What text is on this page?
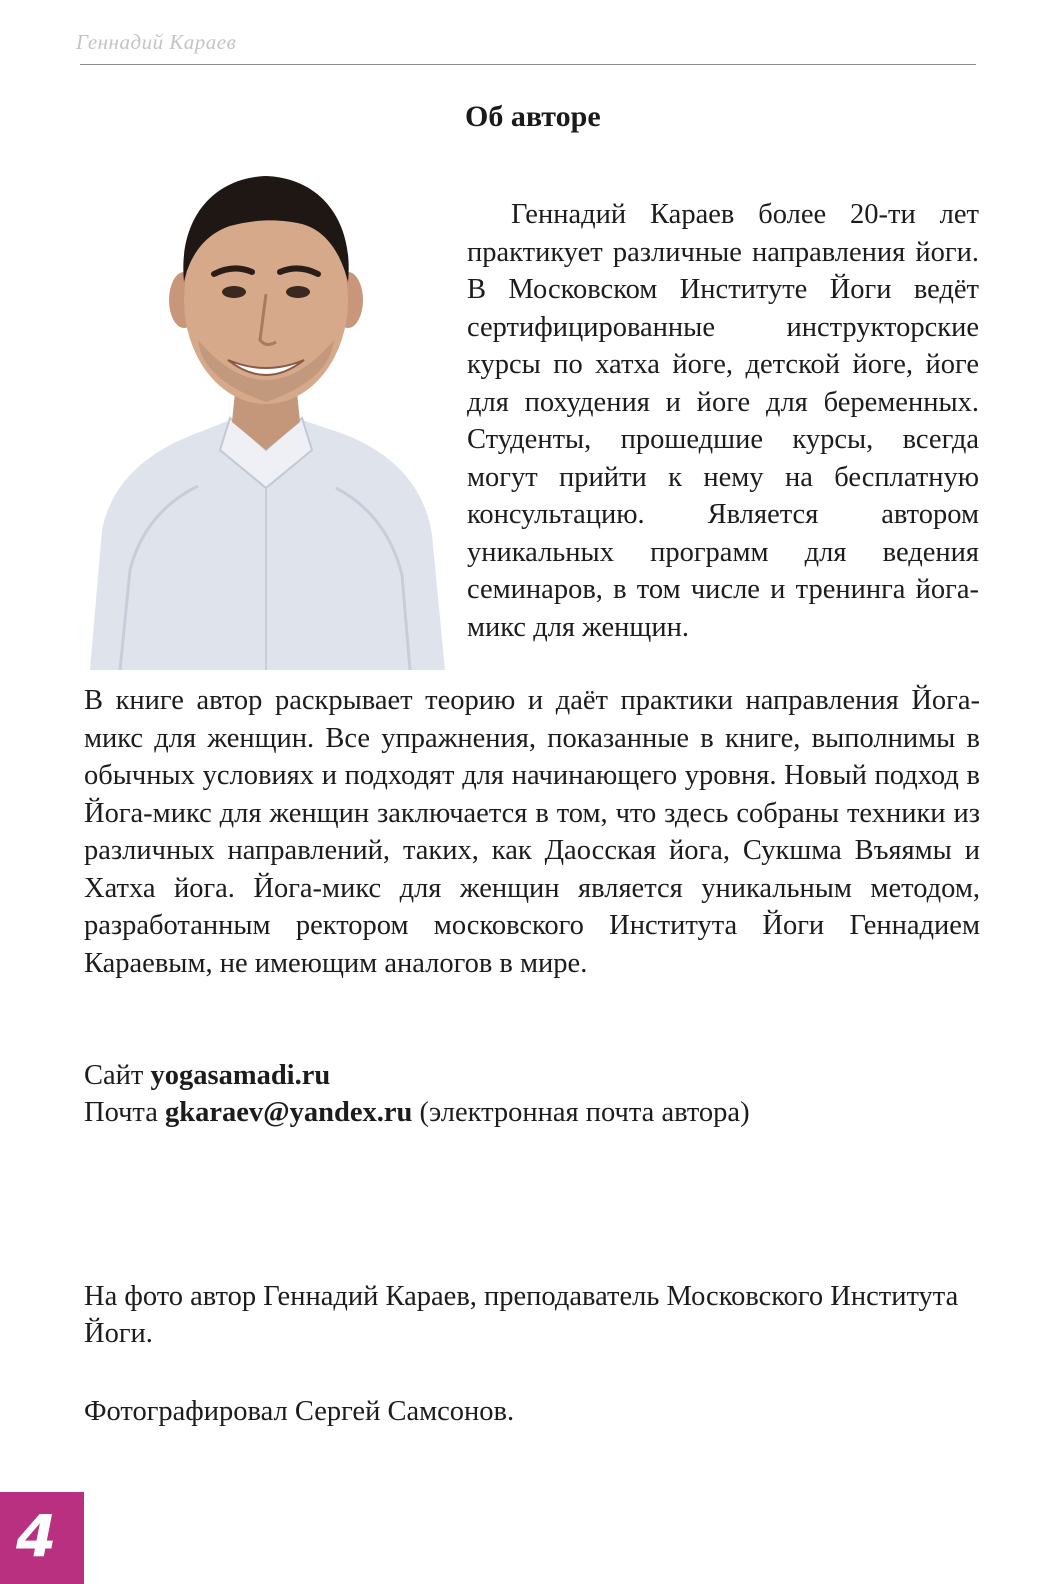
Геннадий Караев
Об авторе

Геннадий Караев более 20-ти лет практикует различные направления йоги. В Московском Институте Йоги ведёт сертифицированные инструкторские курсы по хатха йоге, детской йоге, йоге для похудения и йоге для беременных. Студенты, прошедшие курсы, всегда могут прийти к нему на бесплатную консультацию. Является автором уникальных программ для ведения семинаров, в том числе и тренинга йога-микс для женщин.

В книге автор раскрывает теорию и даёт практики направления Йога-микс для женщин. Все упражнения, показанные в книге, выполнимы в обычных условиях и подходят для начинающего уровня. Новый подход в Йога-микс для женщин заключается в том, что здесь собраны техники из различных направлений, таких, как Даосская йога, Сукшма Въяямы и Хатха йога. Йога-микс для женщин является уникальным методом, разработанным ректором московского Института Йоги Геннадием Караевым, не имеющим аналогов в мире.

Сайт yogasamadi.ru
Почта gkaraev@yandex.ru (электронная почта автора)

На фото автор Геннадий Караев, преподаватель Московского Института Йоги.

Фотографировал Сергей Самсонов.

4
